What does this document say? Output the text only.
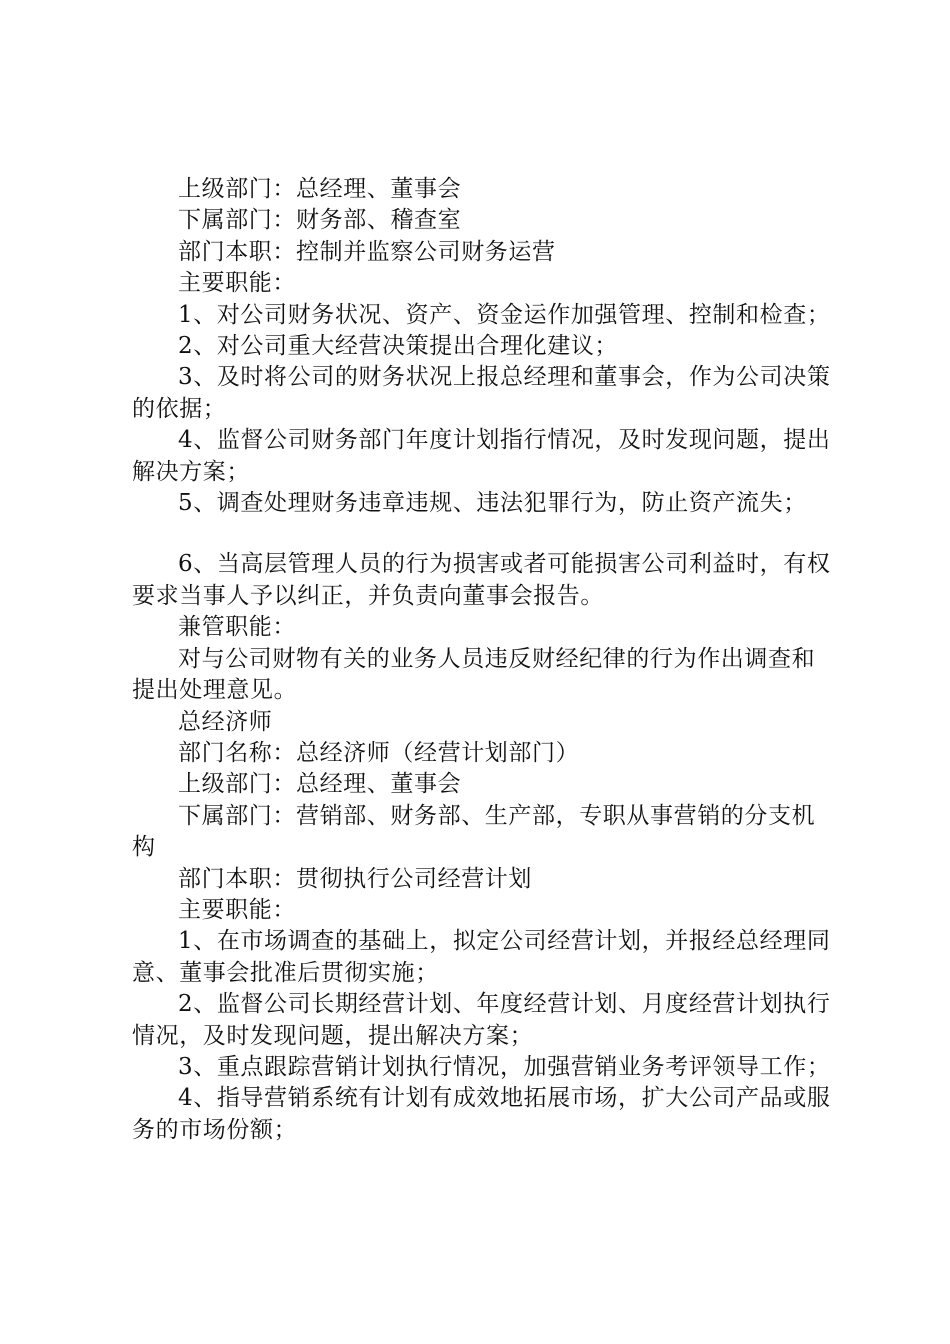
上级部门：总经理、董事会

下属部门：财务部、稽查室

部门本职：控制并监察公司财务运营

主要职能：

1、对公司财务状况、资产、资金运作加强管理、控制和检查；

2、对公司重大经营决策提出合理化建议；

3、及时将公司的财务状况上报总经理和董事会，作为公司决策的依据；

4、监督公司财务部门年度计划指行情况，及时发现问题，提出解决方案；

5、调查处理财务违章违规、违法犯罪行为，防止资产流失；

6、当高层管理人员的行为损害或者可能损害公司利益时，有权要求当事人予以纠正，并负责向董事会报告。

兼管职能：

对与公司财物有关的业务人员违反财经纪律的行为作出调查和提出处理意见。

总经济师

部门名称：总经济师（经营计划部门）

上级部门：总经理、董事会

下属部门：营销部、财务部、生产部，专职从事营销的分支机构

部门本职：贯彻执行公司经营计划

主要职能：

1、在市场调查的基础上，拟定公司经营计划，并报经总经理同意、董事会批准后贯彻实施；

2、监督公司长期经营计划、年度经营计划、月度经营计划执行情况，及时发现问题，提出解决方案；

3、重点跟踪营销计划执行情况，加强营销业务考评领导工作；

4、指导营销系统有计划有成效地拓展市场，扩大公司产品或服务的市场份额；
